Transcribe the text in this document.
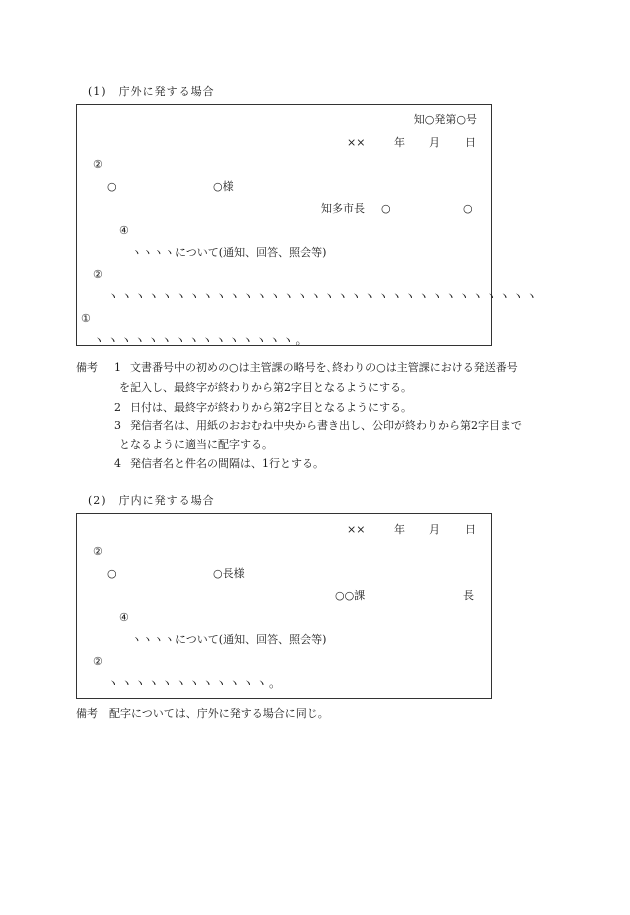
(1)　庁外に発する場合

知○発第○号
××	年 月 日
②
○	○様
知多市長 ○	○
④
ヽヽヽヽについて(通知、回答、照会等)
②
ヽヽヽヽヽヽヽヽヽヽヽヽヽヽヽヽヽヽヽヽヽヽヽヽヽヽヽヽヽヽヽヽ
①
ヽヽヽヽヽヽヽヽヽヽヽヽヽヽヽ。
備考 1 文書番号中の初めの○は主管課の略号を､終わりの○は主管課における発送番号
を記入し、最終字が終わりから第2字目となるようにする。
2 日付は、最終字が終わりから第2字目となるようにする。
3 発信者名は、用紙のおおむね中央から書き出し、公印が終わりから第2字目まで
となるように適当に配字する。
4 発信者名と件名の間隔は、1行とする。

(2)　庁内に発する場合

××	年 月 日
②
○	○長様
○○課	長
④
ヽヽヽヽについて(通知、回答、照会等)
②
ヽヽヽヽヽヽヽヽヽヽヽヽ。
備考　配字については、庁外に発する場合に同じ。
